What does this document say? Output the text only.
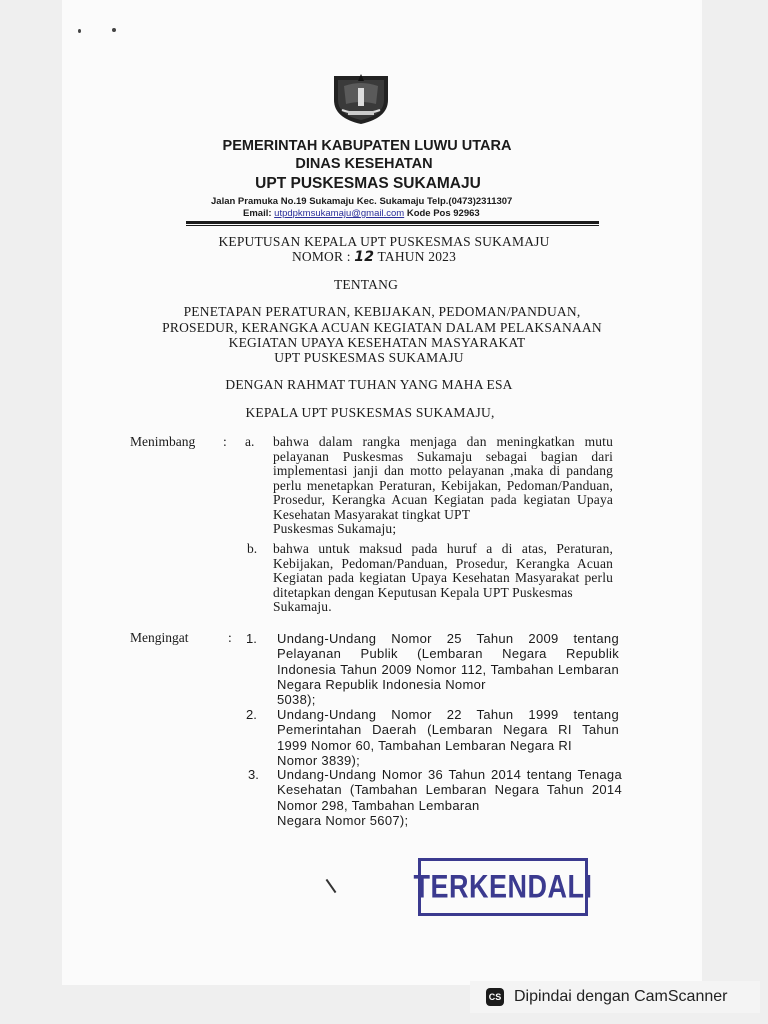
PEMERINTAH KABUPATEN LUWU UTARA
DINAS KESEHATAN
UPT PUSKESMAS SUKAMAJU
Jalan Pramuka No.19 Sukamaju Kec. Sukamaju Telp.(0473)2311307
Email: utpdpkmsukamaju@gmail.com Kode Pos 92963
KEPUTUSAN KEPALA UPT PUSKESMAS SUKAMAJU
NOMOR : 12 TAHUN 2023
TENTANG
PENETAPAN PERATURAN, KEBIJAKAN, PEDOMAN/PANDUAN,
PROSEDUR, KERANGKA ACUAN KEGIATAN DALAM PELAKSANAAN
KEGIATAN UPAYA KESEHATAN MASYARAKAT
UPT PUSKESMAS SUKAMAJU
DENGAN RAHMAT TUHAN YANG MAHA ESA
KEPALA UPT PUSKESMAS SUKAMAJU,
Menimbang : a. bahwa dalam rangka menjaga dan meningkatkan mutu pelayanan Puskesmas Sukamaju sebagai bagian dari implementasi janji dan motto pelayanan ,maka di pandang perlu menetapkan Peraturan, Kebijakan, Pedoman/Panduan, Prosedur, Kerangka Acuan Kegiatan pada kegiatan Upaya Kesehatan Masyarakat tingkat UPT
Puskesmas Sukamaju;
b. bahwa untuk maksud pada huruf a di atas, Peraturan, Kebijakan, Pedoman/Panduan, Prosedur, Kerangka Acuan Kegiatan pada kegiatan Upaya Kesehatan Masyarakat perlu ditetapkan dengan Keputusan Kepala UPT Puskesmas
Sukamaju.
Mengingat	: 1. Undang-Undang Nomor 25 Tahun 2009 tentang Pelayanan Publik (Lembaran Negara Republik Indonesia Tahun 2009 Nomor 112, Tambahan Lembaran Negara Republik Indonesia Nomor
5038);
2. Undang-Undang Nomor 22 Tahun 1999 tentang Pemerintahan Daerah (Lembaran Negara RI Tahun 1999 Nomor 60, Tambahan Lembaran Negara RI
Nomor 3839);
3. Undang-Undang Nomor 36 Tahun 2014 tentang Tenaga Kesehatan (Tambahan Lembaran Negara Tahun 2014 Nomor 298, Tambahan Lembaran
Negara Nomor 5607);
TERKENDALI
CS Dipindai dengan CamScanner
